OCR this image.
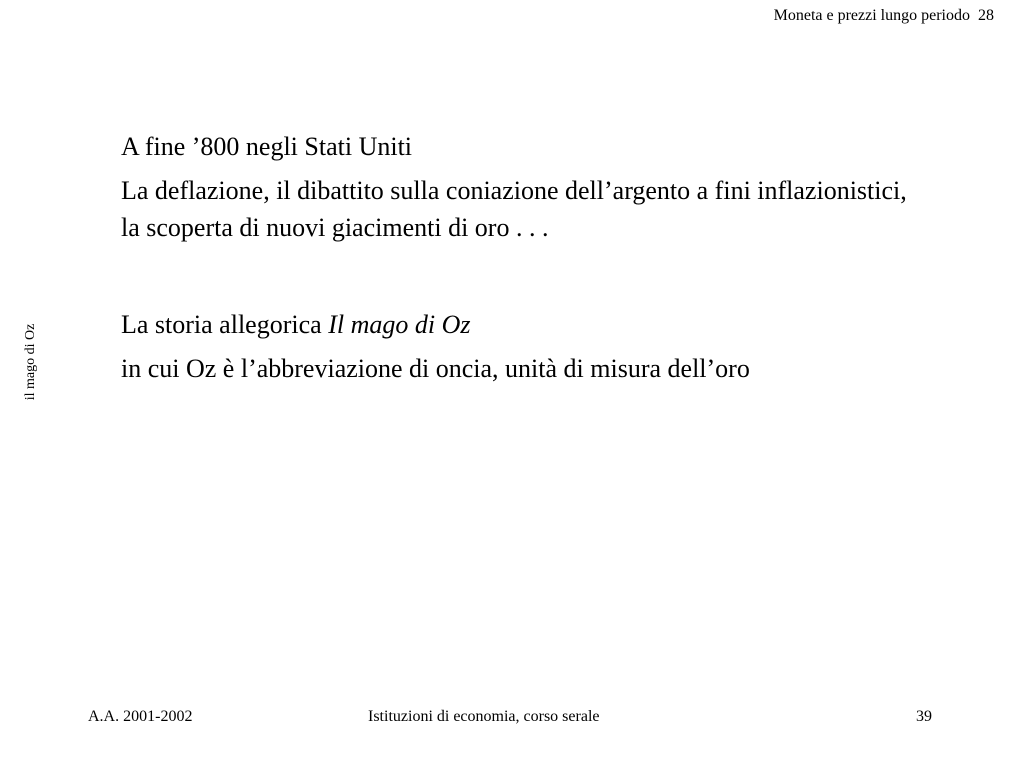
Moneta e prezzi lungo periodo 28
il mago di Oz

A fine ’800 negli Stati Uniti

La deflazione, il dibattito sulla coniazione dell’argento a fini inflazionistici, la scoperta di nuovi giacimenti di oro . . .

La storia allegorica Il mago di Oz

in cui Oz è l’abbreviazione di oncia, unità di misura dell’oro

A.A. 2001-2002	Istituzioni di economia, corso serale	39
